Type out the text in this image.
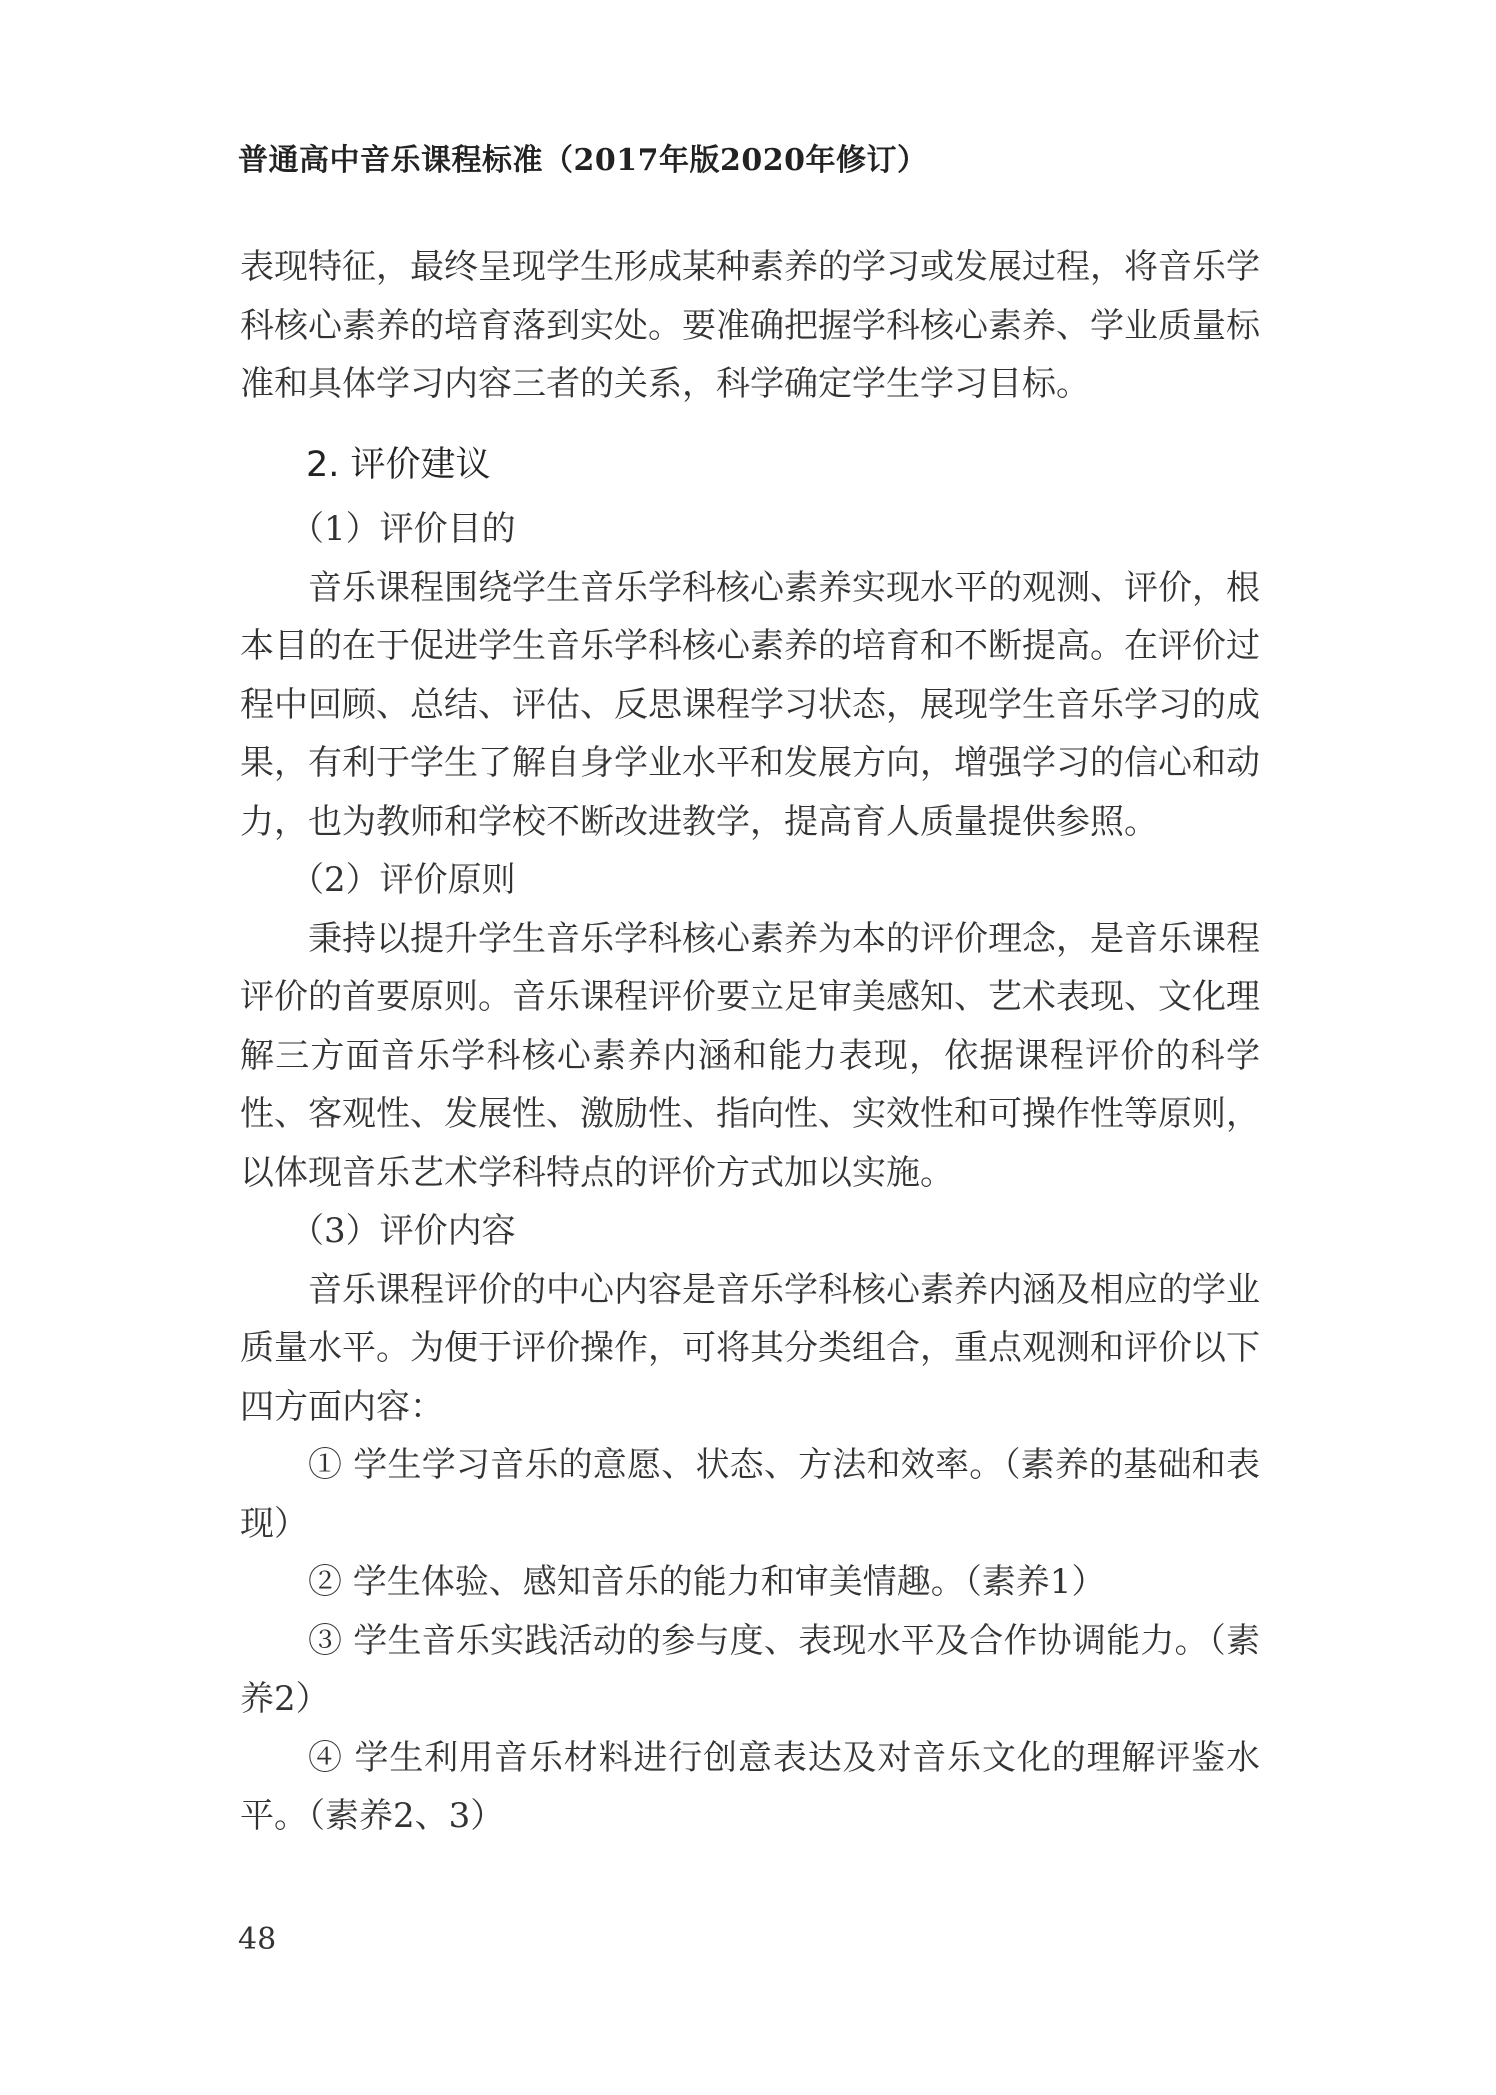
普通高中音乐课程标准（2017年版2020年修订）

表现特征，最终呈现学生形成某种素养的学习或发展过程，将音乐学科核心素养的培育落到实处。要准确把握学科核心素养、学业质量标准和具体学习内容三者的关系，科学确定学生学习目标。

2. 评价建议

（1）评价目的

音乐课程围绕学生音乐学科核心素养实现水平的观测、评价，根本目的在于促进学生音乐学科核心素养的培育和不断提高。在评价过程中回顾、总结、评估、反思课程学习状态，展现学生音乐学习的成果，有利于学生了解自身学业水平和发展方向，增强学习的信心和动力，也为教师和学校不断改进教学，提高育人质量提供参照。

（2）评价原则

秉持以提升学生音乐学科核心素养为本的评价理念，是音乐课程评价的首要原则。音乐课程评价要立足审美感知、艺术表现、文化理解三方面音乐学科核心素养内涵和能力表现，依据课程评价的科学性、客观性、发展性、激励性、指向性、实效性和可操作性等原则，以体现音乐艺术学科特点的评价方式加以实施。

（3）评价内容

音乐课程评价的中心内容是音乐学科核心素养内涵及相应的学业质量水平。为便于评价操作，可将其分类组合，重点观测和评价以下四方面内容：

① 学生学习音乐的意愿、状态、方法和效率。（素养的基础和表现）

② 学生体验、感知音乐的能力和审美情趣。（素养1）

③ 学生音乐实践活动的参与度、表现水平及合作协调能力。（素养2）

④ 学生利用音乐材料进行创意表达及对音乐文化的理解评鉴水平。（素养2、3）

48
